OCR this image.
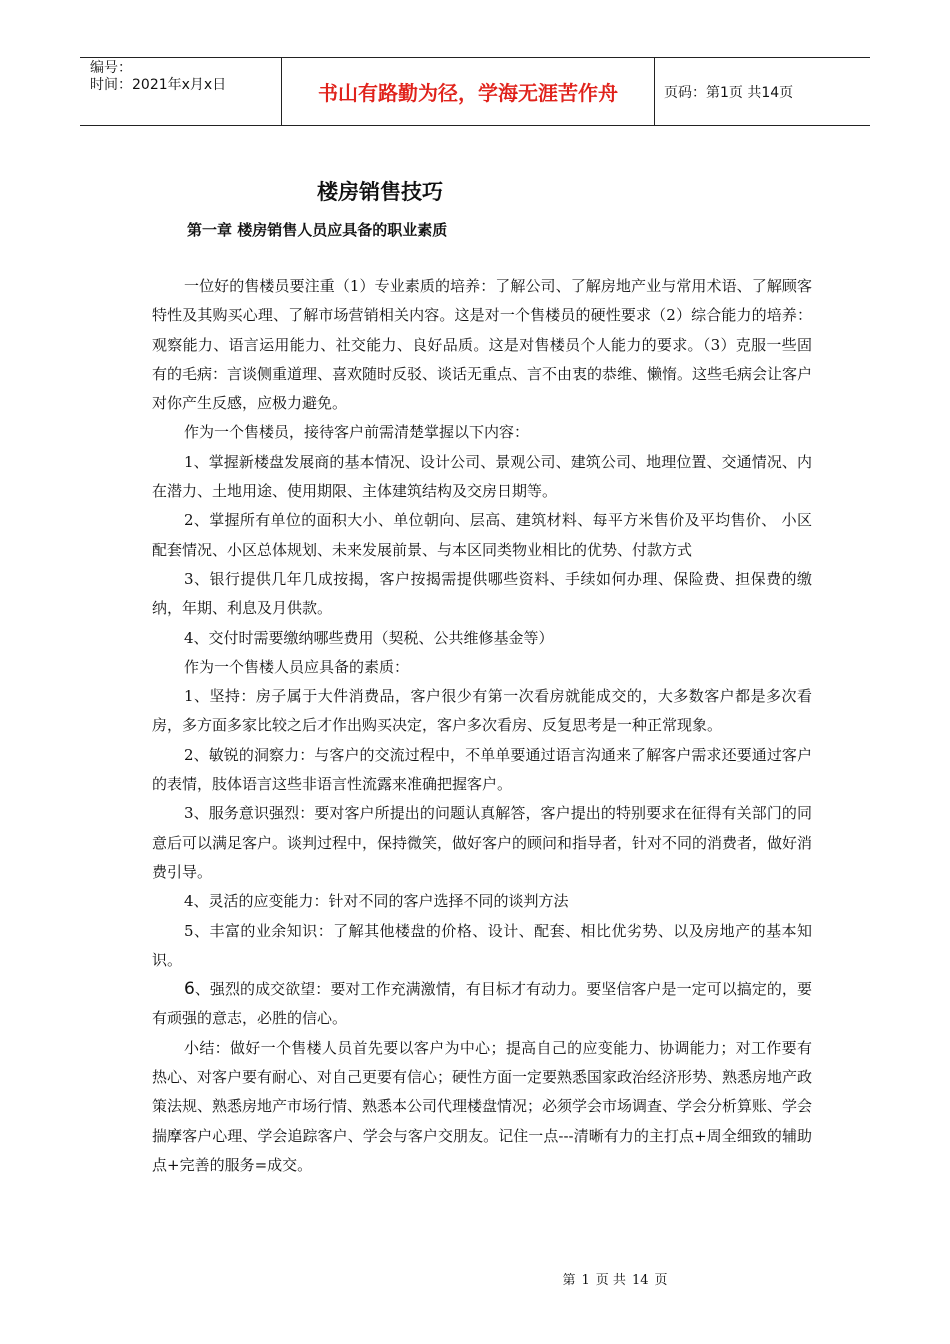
编号：
时间：2021年x月x日	书山有路勤为径，学海无涯苦作舟	页码：第1页 共14页
楼房销售技巧
第一章 楼房销售人员应具备的职业素质

一位好的售楼员要注重（1）专业素质的培养：了解公司、了解房地产业与常用术语、了解顾客特性及其购买心理、了解市场营销相关内容。这是对一个售楼员的硬性要求（2）综合能力的培养：观察能力、语言运用能力、社交能力、良好品质。这是对售楼员个人能力的要求。（3）克服一些固有的毛病：言谈侧重道理、喜欢随时反驳、谈话无重点、言不由衷的恭维、懒惰。这些毛病会让客户对你产生反感，应极力避免。

作为一个售楼员，接待客户前需清楚掌握以下内容：

1、掌握新楼盘发展商的基本情况、设计公司、景观公司、建筑公司、地理位置、交通情况、内在潜力、土地用途、使用期限、主体建筑结构及交房日期等。

2、掌握所有单位的面积大小、单位朝向、层高、建筑材料、每平方米售价及平均售价、 小区配套情况、小区总体规划、未来发展前景、与本区同类物业相比的优势、付款方式

3、银行提供几年几成按揭，客户按揭需提供哪些资料、手续如何办理、保险费、担保费的缴纳，年期、利息及月供款。

4、交付时需要缴纳哪些费用（契税、公共维修基金等）

作为一个售楼人员应具备的素质：

1、坚持：房子属于大件消费品，客户很少有第一次看房就能成交的，大多数客户都是多次看房，多方面多家比较之后才作出购买决定，客户多次看房、反复思考是一种正常现象。

2、敏锐的洞察力：与客户的交流过程中，不单单要通过语言沟通来了解客户需求还要通过客户的表情，肢体语言这些非语言性流露来准确把握客户。

3、服务意识强烈：要对客户所提出的问题认真解答，客户提出的特别要求在征得有关部门的同意后可以满足客户。谈判过程中，保持微笑，做好客户的顾问和指导者，针对不同的消费者，做好消费引导。

4、灵活的应变能力：针对不同的客户选择不同的谈判方法

5、丰富的业余知识：了解其他楼盘的价格、设计、配套、相比优劣势、以及房地产的基本知识。

6、强烈的成交欲望：要对工作充满激情，有目标才有动力。要坚信客户是一定可以搞定的，要有顽强的意志，必胜的信心。

小结：做好一个售楼人员首先要以客户为中心；提高自己的应变能力、协调能力；对工作要有热心、对客户要有耐心、对自己更要有信心；硬性方面一定要熟悉国家政治经济形势、熟悉房地产政策法规、熟悉房地产市场行情、熟悉本公司代理楼盘情况；必须学会市场调查、学会分析算账、学会揣摩客户心理、学会追踪客户、学会与客户交朋友。记住一点---清晰有力的主打点+周全细致的辅助点+完善的服务=成交。

第 1 页 共 14 页
